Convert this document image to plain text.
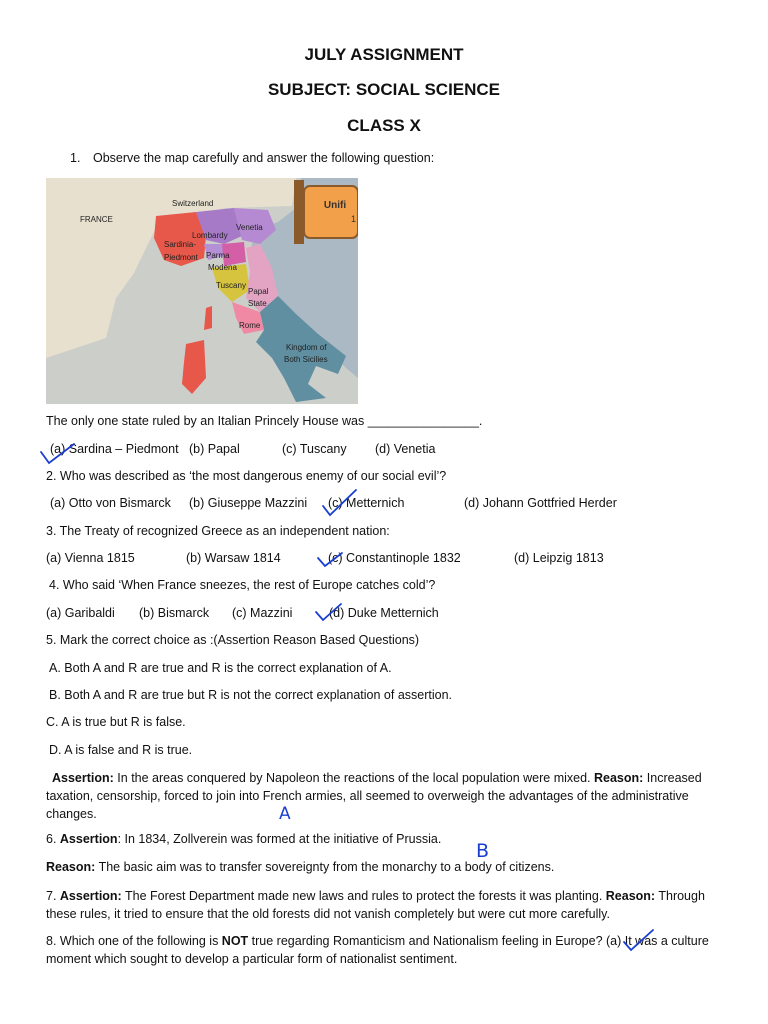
JULY ASSIGNMENT
SUBJECT: SOCIAL SCIENCE
CLASS X
1. Observe the map carefully and answer the following question:
Unifi
1
FRANCE
Switzerland
Lombardy
Venetia
Sardinia-
Piedmont Parma
Modena
Tuscany
Papal
State
Rome
Kingdom of
Both Sicilies
The only one state ruled by an Italian Princely House was ________________.
(a) Sardina – Piedmont (b) Papal	(c) Tuscany (d) Venetia
2. Who was described as ‘the most dangerous enemy of our social evil’?
(a) Otto von Bismarck (b) Giuseppe Mazzini (c) Metternich	(d) Johann Gottfried Herder
3. The Treaty of recognized Greece as an independent nation:
(a) Vienna 1815	(b) Warsaw 1814	(c) Constantinople 1832	(d) Leipzig 1813
4. Who said ‘When France sneezes, the rest of Europe catches cold’?
(a) Garibaldi (b) Bismarck (c) Mazzini	(d) Duke Metternich
5. Mark the correct choice as :(Assertion Reason Based Questions)
A. Both A and R are true and R is the correct explanation of A.
B. Both A and R are true but R is not the correct explanation of assertion.
C. A is true but R is false.
D. A is false and R is true.
Assertion: In the areas conquered by Napoleon the reactions of the local population were mixed. Reason: Increased taxation, censorship, forced to join into French armies, all seemed to overweigh the advantages of the administrative changes.	A
6. Assertion: In 1834, Zollverein was formed at the initiative of Prussia.
B
Reason: The basic aim was to transfer sovereignty from the monarchy to a body of citizens.
7. Assertion: The Forest Department made new laws and rules to protect the forests it was planting. Reason: Through these rules, it tried to ensure that the old forests did not vanish completely but were cut more carefully.
8. Which one of the following is NOT true regarding Romanticism and Nationalism feeling in Europe? (a) It was a culture moment which sought to develop a particular form of nationalist sentiment.
